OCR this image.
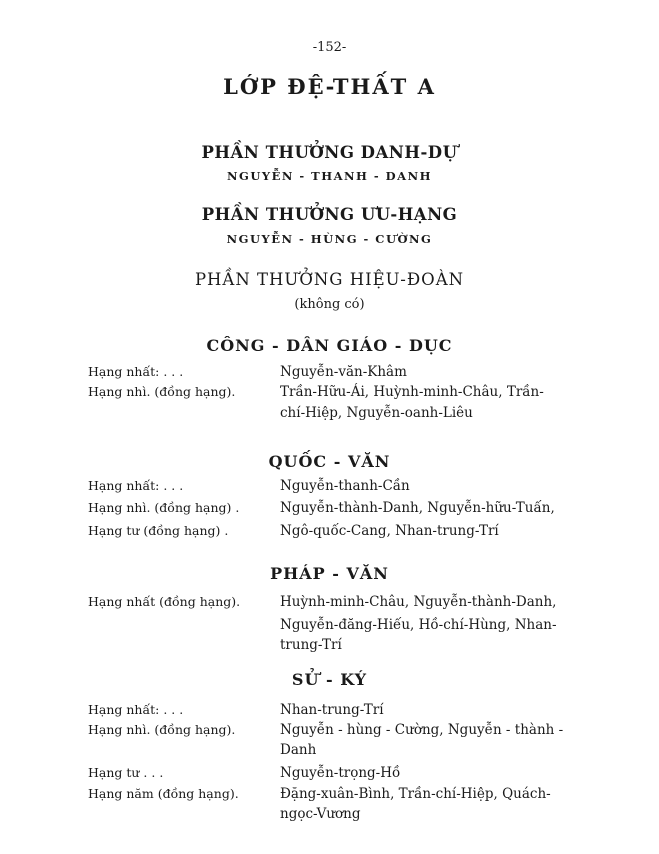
-152-
LỚP ĐỆ-THẤT A
PHẦN THƯỞNG DANH-DỰ
NGUYỄN - THANH - DANH
PHẦN THƯỞNG ƯU-HẠNG
NGUYỄN - HÙNG - CƯỜNG
PHẦN THƯỞNG HIỆU-ĐOÀN
(không có)
CÔNG - DÂN GIÁO - DỤC
Hạng nhất: . . .	Nguyễn-văn-Khâm
Hạng nhì. (đồng hạng).	Trần-Hữu-Ái, Huỳnh-minh-Châu, Trần-
chí-Hiệp, Nguyễn-oanh-Liêu
QUỐC - VĂN
Hạng nhất: . . .	Nguyễn-thanh-Cần
Hạng nhì. (đồng hạng) .	Nguyễn-thành-Danh, Nguyễn-hữu-Tuấn,
Hạng tư (đồng hạng) .	Ngô-quốc-Cang, Nhan-trung-Trí
PHÁP - VĂN
Hạng nhất (đồng hạng).	Huỳnh-minh-Châu, Nguyễn-thành-Danh,
Nguyễn-đăng-Hiếu, Hồ-chí-Hùng, Nhan-trung-Trí
SỬ - KÝ
Hạng nhất: . . .	Nhan-trung-Trí
Hạng nhì. (đồng hạng).	Nguyễn - hùng - Cường, Nguyễn - thành -
Danh
Hạng tư . . .	Nguyễn-trọng-Hồ
Hạng năm (đồng hạng).	Đặng-xuân-Bình, Trần-chí-Hiệp, Quách-
ngọc-Vương
